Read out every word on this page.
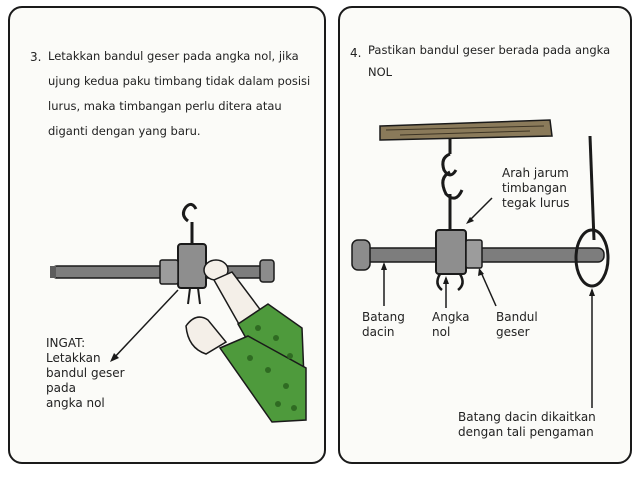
3. Letakkan bandul geser pada angka nol, jika
ujung kedua paku timbang tidak dalam posisi
lurus, maka timbangan perlu ditera atau
diganti dengan yang baru.
INGAT:
Letakkan
bandul geser
pada
angka nol
4. Pastikan bandul geser berada pada angka
NOL
Arah jarum
timbangan
tegak lurus
Batang
dacin
Angka
nol
Bandul
geser
Batang dacin dikaitkan
dengan tali pengaman
